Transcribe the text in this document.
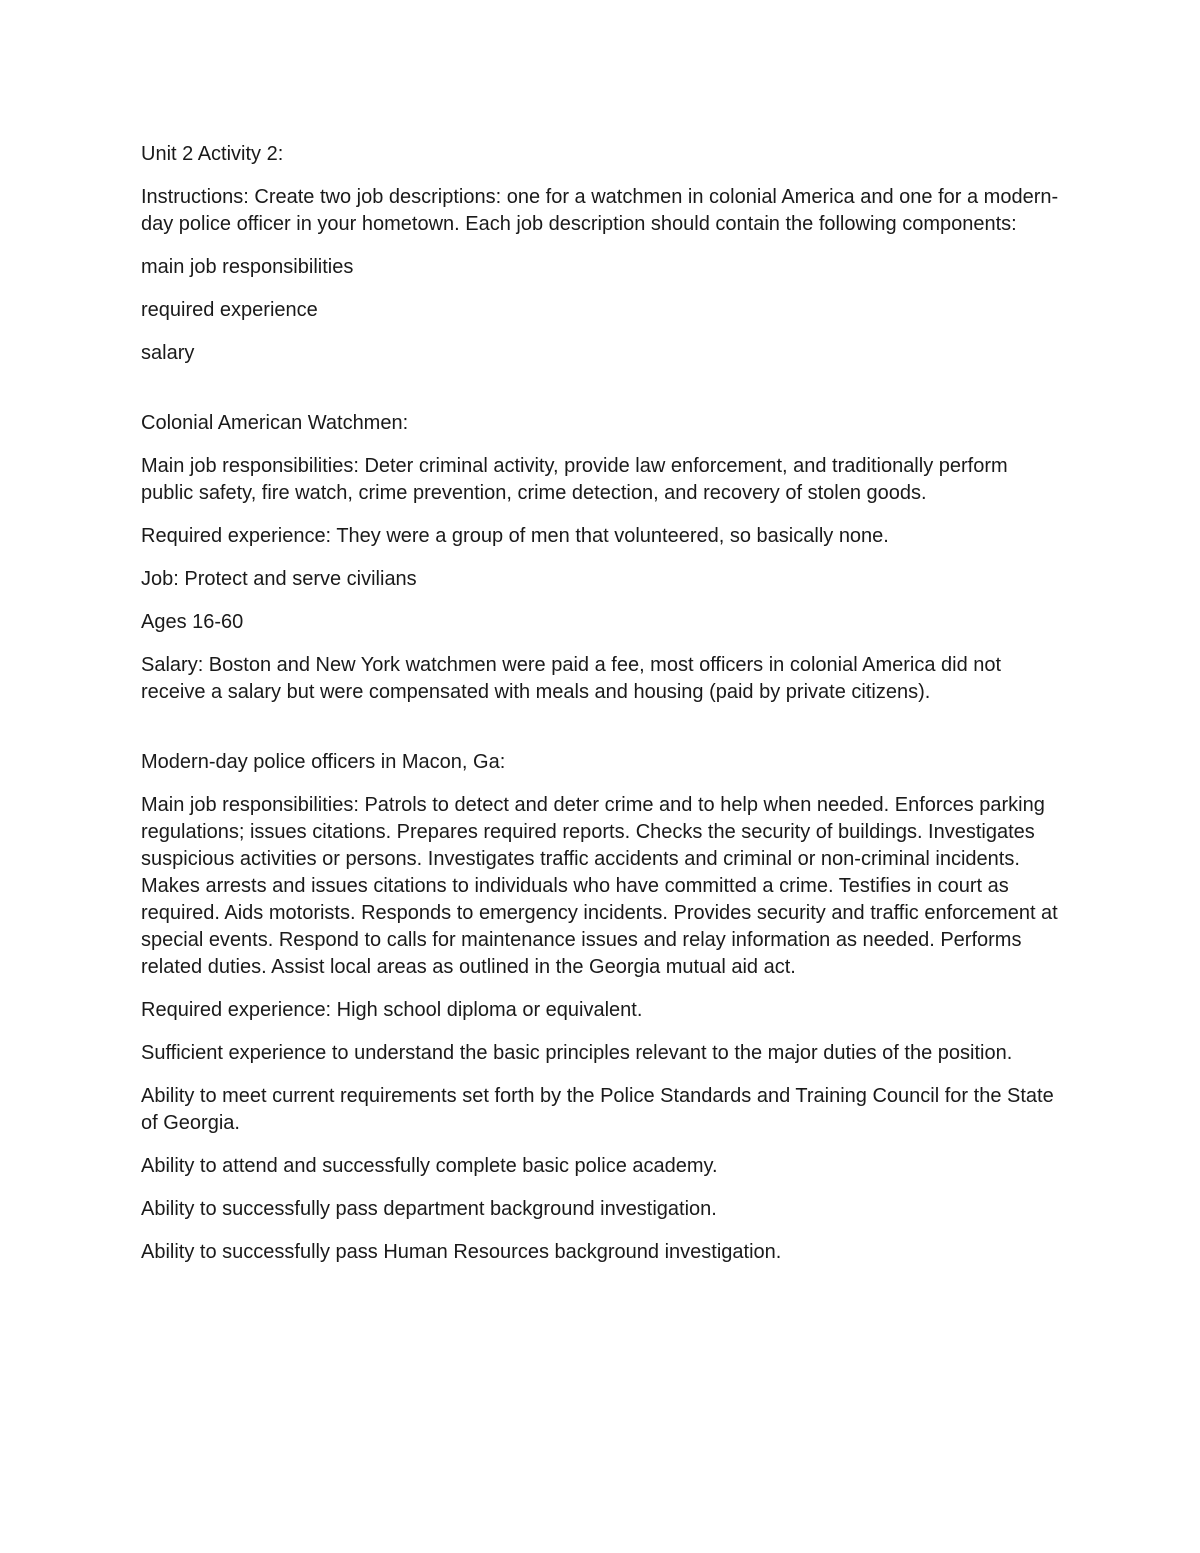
Unit 2 Activity 2:

Instructions: Create two job descriptions: one for a watchmen in colonial America and one for a modern-day police officer in your hometown. Each job description should contain the following components:

main job responsibilities

required experience

salary

Colonial American Watchmen:

Main job responsibilities: Deter criminal activity, provide law enforcement, and traditionally perform public safety, fire watch, crime prevention, crime detection, and recovery of stolen goods.

Required experience: They were a group of men that volunteered, so basically none.

Job: Protect and serve civilians

Ages 16-60

Salary: Boston and New York watchmen were paid a fee, most officers in colonial America did not receive a salary but were compensated with meals and housing (paid by private citizens).

Modern-day police officers in Macon, Ga:

Main job responsibilities: Patrols to detect and deter crime and to help when needed. Enforces parking regulations; issues citations. Prepares required reports. Checks the security of buildings. Investigates suspicious activities or persons. Investigates traffic accidents and criminal or non-criminal incidents. Makes arrests and issues citations to individuals who have committed a crime. Testifies in court as required. Aids motorists. Responds to emergency incidents. Provides security and traffic enforcement at special events. Respond to calls for maintenance issues and relay information as needed. Performs related duties. Assist local areas as outlined in the Georgia mutual aid act.

Required experience: High school diploma or equivalent.

Sufficient experience to understand the basic principles relevant to the major duties of the position.

Ability to meet current requirements set forth by the Police Standards and Training Council for the State of Georgia.

Ability to attend and successfully complete basic police academy.

Ability to successfully pass department background investigation.

Ability to successfully pass Human Resources background investigation.
